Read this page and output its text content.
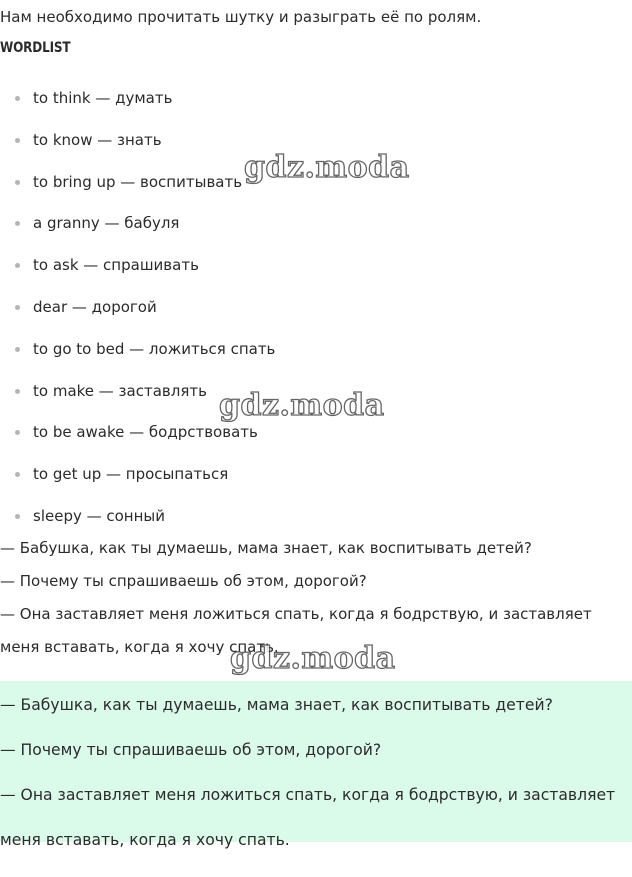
Нам необходимо прочитать шутку и разыграть её по ролям.
WORDLIST
to think — думать
to know — знать
to bring up — воспитывать
a granny — бабуля
to ask — спрашивать
dear — дорогой
to go to bed — ложиться спать
to make — заставлять
to be awake — бодрствовать
to get up — просыпаться
sleepy — сонный

— Бабушка, как ты думаешь, мама знает, как воспитывать детей?

— Почему ты спрашиваешь об этом, дорогой?

— Она заставляет меня ложиться спать, когда я бодрствую, и заставляет меня вставать, когда я хочу спать.

— Бабушка, как ты думаешь, мама знает, как воспитывать детей?

— Почему ты спрашиваешь об этом, дорогой?

— Она заставляет меня ложиться спать, когда я бодрствую, и заставляет меня вставать, когда я хочу спать.

gdz.moda
gdz.moda
gdz.moda
